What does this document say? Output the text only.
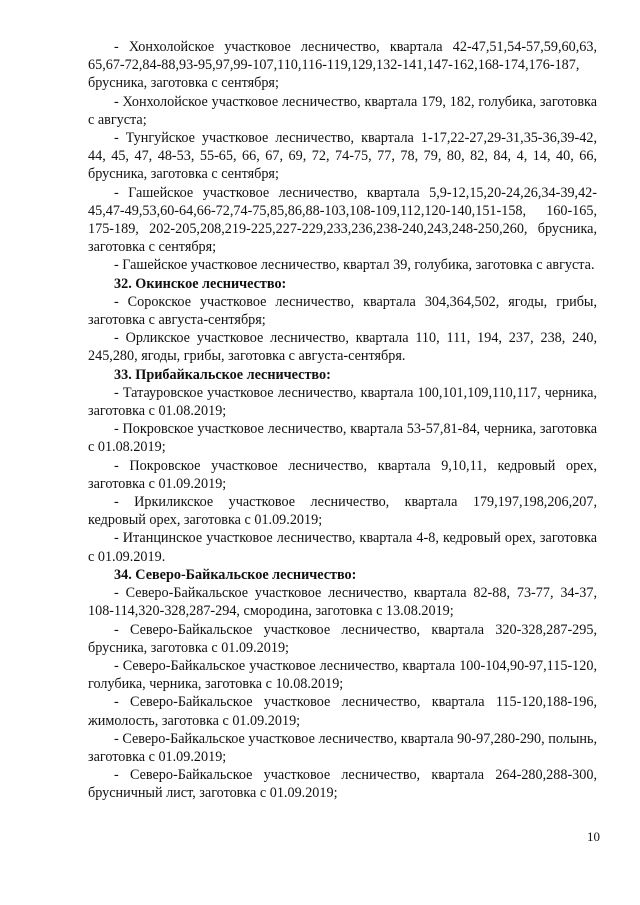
- Хонхолойское участковое лесничество, квартала 42-47,51,54-57,59,60,63, 65,67-72,84-88,93-95,97,99-107,110,116-119,129,132-141,147-162,168-174,176-187, брусника, заготовка с сентября;

- Хонхолойское участковое лесничество, квартала 179, 182, голубика, заготовка с августа;

- Тунгуйское участковое лесничество, квартала 1-17,22-27,29-31,35-36,39-42, 44, 45, 47, 48-53, 55-65, 66, 67, 69, 72, 74-75, 77, 78, 79, 80, 82, 84, 4, 14, 40, 66, брусника, заготовка с сентября;

- Гашейское участковое лесничество, квартала 5,9-12,15,20-24,26,34-39,42-45,47-49,53,60-64,66-72,74-75,85,86,88-103,108-109,112,120-140,151-158, 160-165, 175-189, 202-205,208,219-225,227-229,233,236,238-240,243,248-250,260, брусника, заготовка с сентября;

- Гашейское участковое лесничество, квартал 39, голубика, заготовка с августа.

32. Окинское лесничество:

- Сорокское участковое лесничество, квартала 304,364,502, ягоды, грибы, заготовка с августа-сентября;

- Орликское участковое лесничество, квартала 110, 111, 194, 237, 238, 240, 245,280, ягоды, грибы, заготовка с августа-сентября.

33. Прибайкальское лесничество:

- Татауровское участковое лесничество, квартала 100,101,109,110,117, черника, заготовка с 01.08.2019;

- Покровское участковое лесничество, квартала 53-57,81-84, черника, заготовка с 01.08.2019;

- Покровское участковое лесничество, квартала 9,10,11, кедровый орех, заготовка с 01.09.2019;

- Иркиликское участковое лесничество, квартала 179,197,198,206,207, кедровый орех, заготовка с 01.09.2019;

- Итанцинское участковое лесничество, квартала 4-8, кедровый орех, заготовка с 01.09.2019.

34. Северо-Байкальское лесничество:

- Северо-Байкальское участковое лесничество, квартала 82-88, 73-77, 34-37, 108-114,320-328,287-294, смородина, заготовка с 13.08.2019;

- Северо-Байкальское участковое лесничество, квартала 320-328,287-295, брусника, заготовка с 01.09.2019;

- Северо-Байкальское участковое лесничество, квартала 100-104,90-97,115-120, голубика, черника, заготовка с 10.08.2019;

- Северо-Байкальское участковое лесничество, квартала 115-120,188-196, жимолость, заготовка с 01.09.2019;

- Северо-Байкальское участковое лесничество, квартала 90-97,280-290, полынь, заготовка с 01.09.2019;

- Северо-Байкальское участковое лесничество, квартала 264-280,288-300, брусничный лист, заготовка с 01.09.2019;

10
